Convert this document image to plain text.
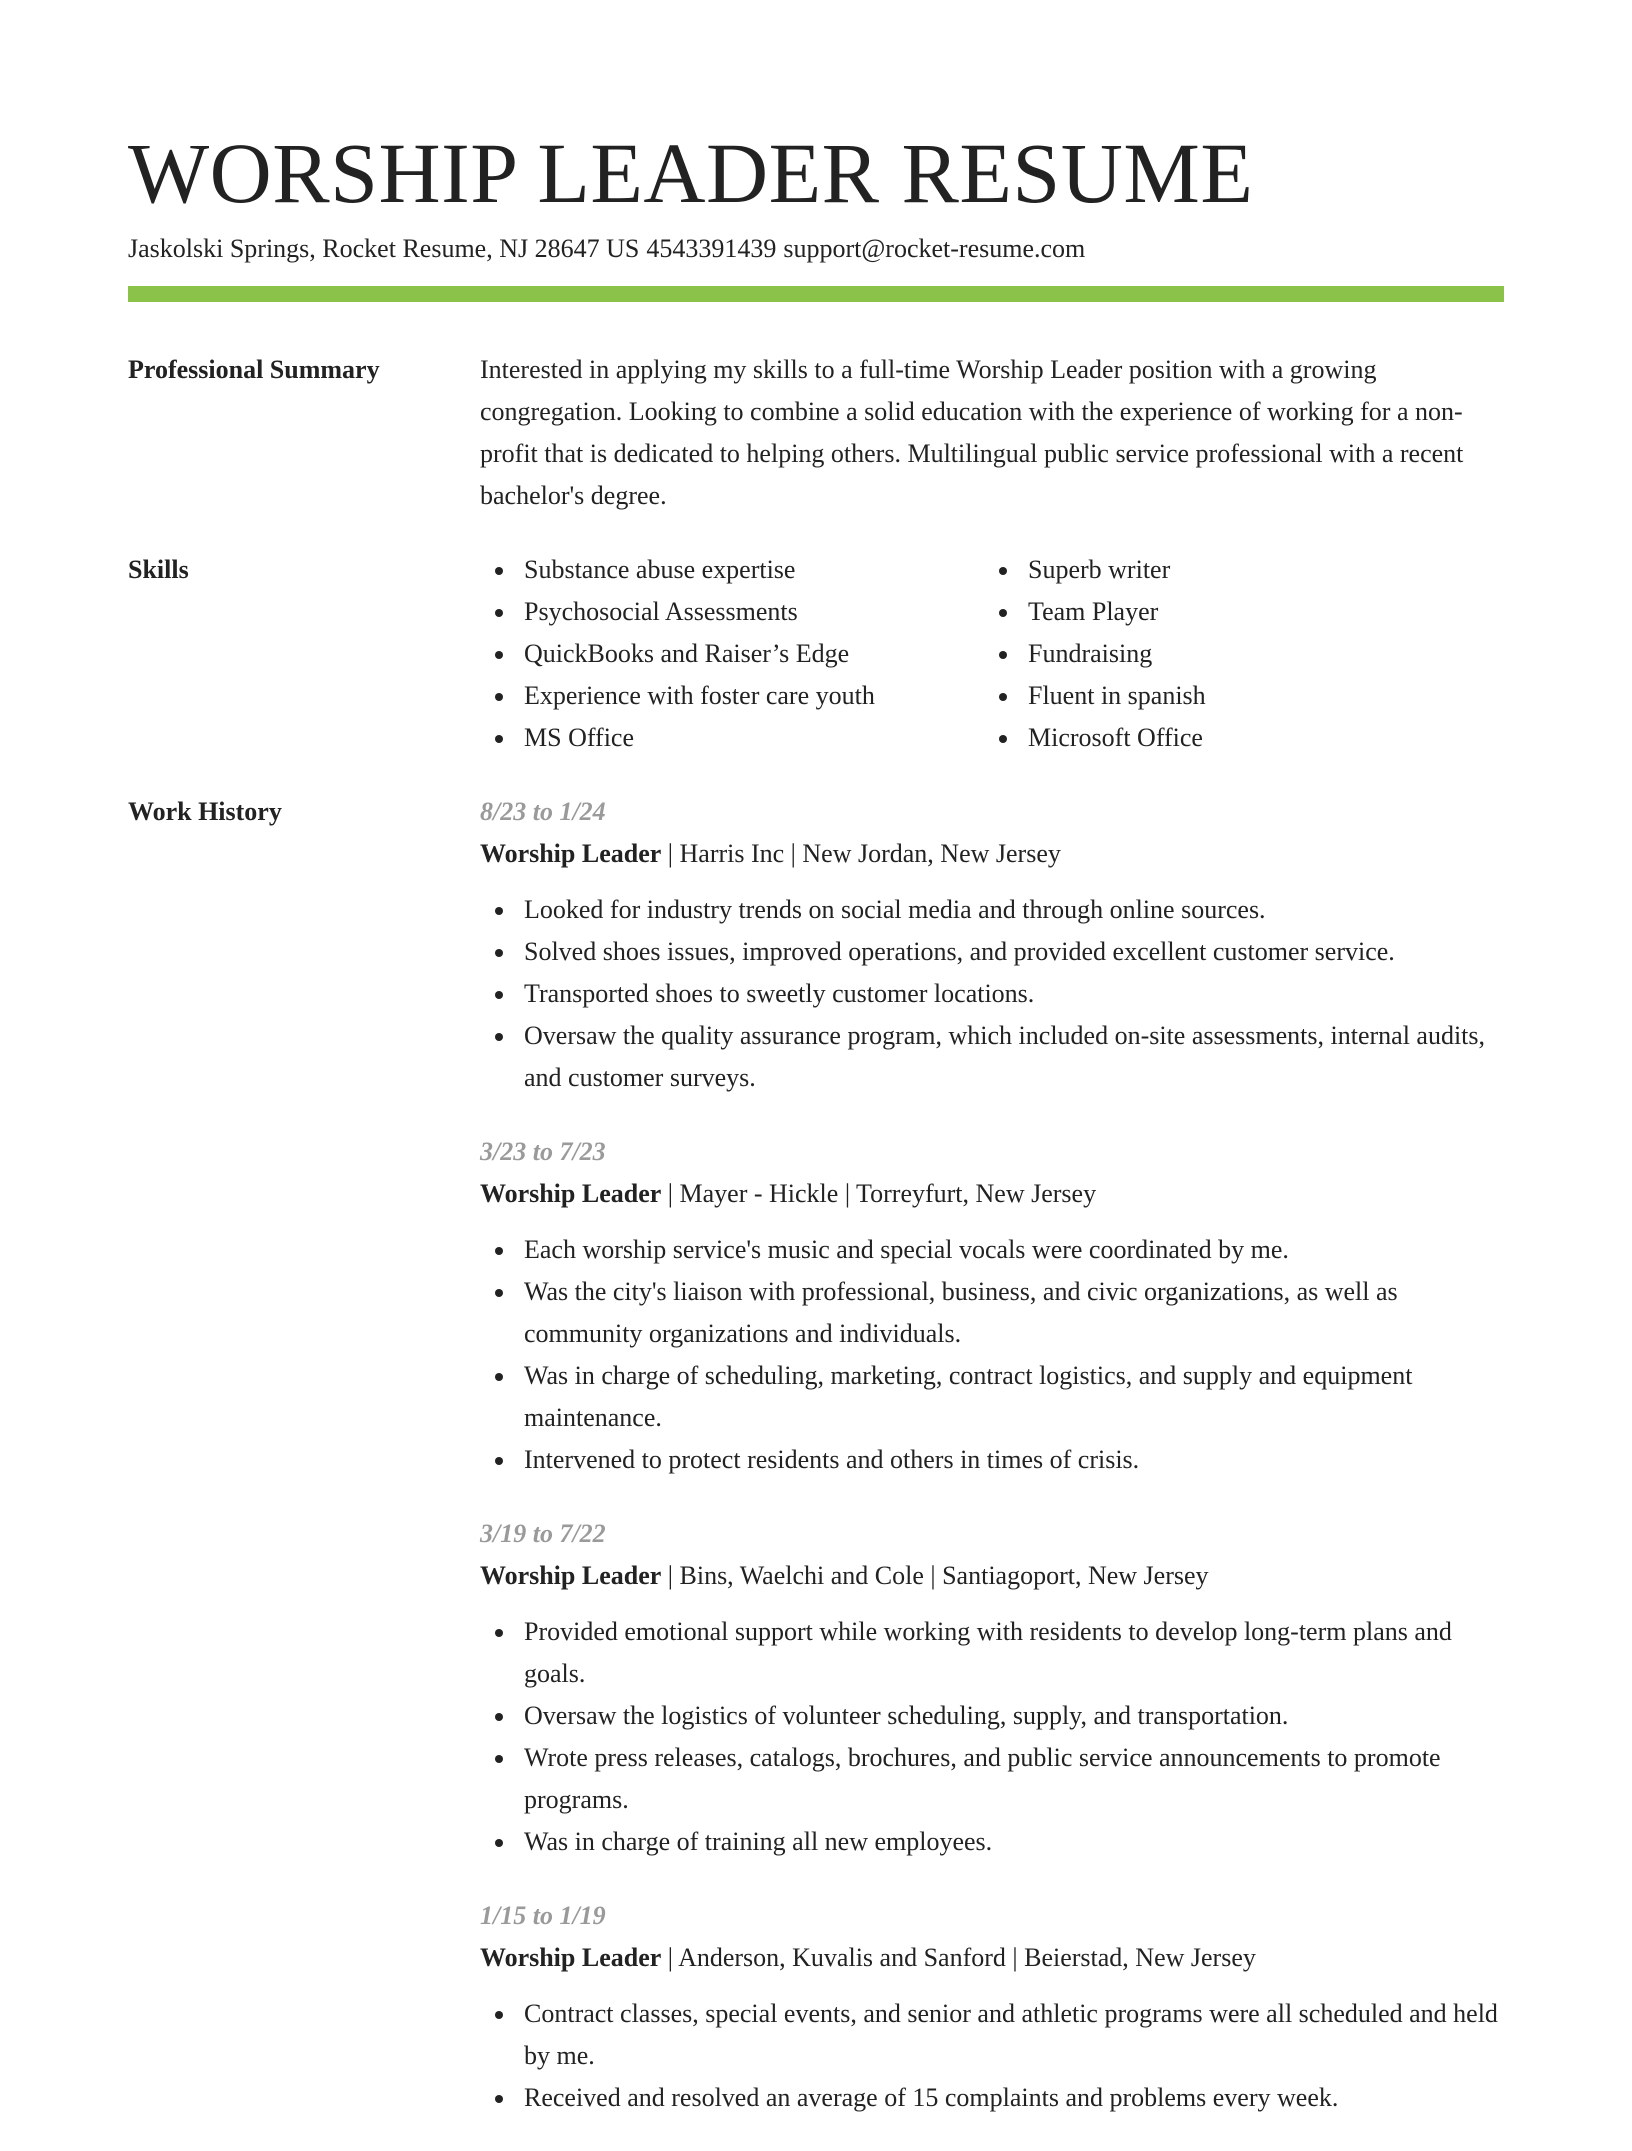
WORSHIP LEADER RESUME
Jaskolski Springs, Rocket Resume, NJ 28647 US 4543391439 support@rocket-resume.com
Professional Summary	Interested in applying my skills to a full-time Worship Leader position with a growing congregation. Looking to combine a solid education with the experience of working for a non-profit that is dedicated to helping others. Multilingual public service professional with a recent bachelor's degree.
Skills	Substance abuse expertise
Psychosocial Assessments
QuickBooks and Raiser’s Edge
Experience with foster care youth
MS Office
Superb writer
Team Player
Fundraising
Fluent in spanish
Microsoft Office
Work History	8/23 to 1/24
Worship Leader | Harris Inc | New Jordan, New Jersey
Looked for industry trends on social media and through online sources.
Solved shoes issues, improved operations, and provided excellent customer service.
Transported shoes to sweetly customer locations.
Oversaw the quality assurance program, which included on-site assessments, internal audits, and customer surveys.
3/23 to 7/23
Worship Leader | Mayer - Hickle | Torreyfurt, New Jersey
Each worship service's music and special vocals were coordinated by me.
Was the city's liaison with professional, business, and civic organizations, as well as community organizations and individuals.
Was in charge of scheduling, marketing, contract logistics, and supply and equipment maintenance.
Intervened to protect residents and others in times of crisis.
3/19 to 7/22
Worship Leader | Bins, Waelchi and Cole | Santiagoport, New Jersey
Provided emotional support while working with residents to develop long-term plans and goals.
Oversaw the logistics of volunteer scheduling, supply, and transportation.
Wrote press releases, catalogs, brochures, and public service announcements to promote programs.
Was in charge of training all new employees.
1/15 to 1/19
Worship Leader | Anderson, Kuvalis and Sanford | Beierstad, New Jersey
Contract classes, special events, and senior and athletic programs were all scheduled and held by me.
Received and resolved an average of 15 complaints and problems every week.
